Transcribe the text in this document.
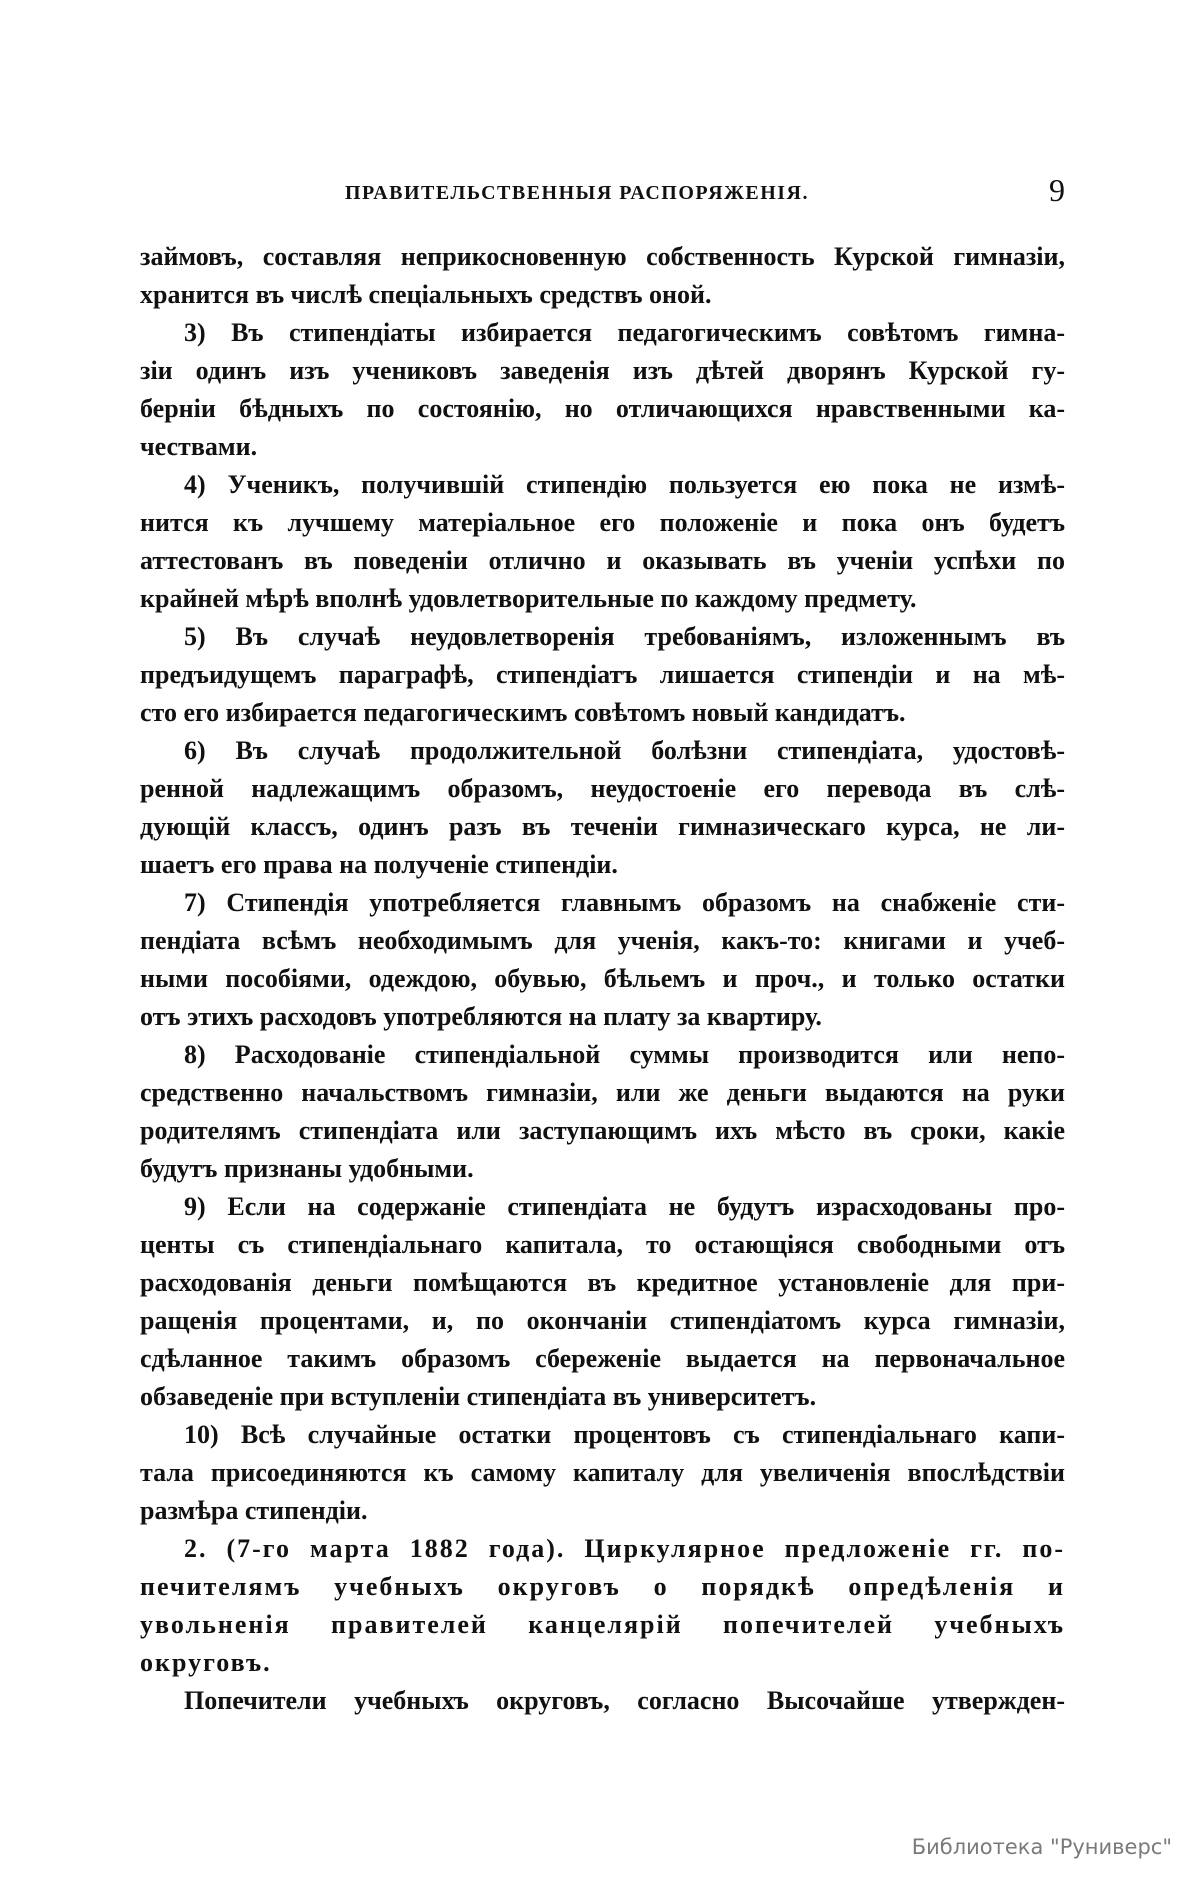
ПРАВИТЕЛЬСТВЕННЫЯ РАСПОРЯЖЕНІЯ.	9
займовъ, составляя неприкосновенную собственность Курской гимназіи,
хранится въ числѣ спеціальныхъ средствъ оной.
3) Въ стипендіаты избирается педагогическимъ совѣтомъ гимна-
зіи одинъ изъ учениковъ заведенія изъ дѣтей дворянъ Курской гу-
берніи бѣдныхъ по состоянію, но отличающихся нравственными ка-
чествами.
4) Ученикъ, получившій стипендію пользуется ею пока не измѣ-
нится къ лучшему матеріальное его положеніе и пока онъ будетъ
аттестованъ въ поведеніи отлично и оказывать въ ученіи успѣхи по
крайней мѣрѣ вполнѣ удовлетворительные по каждому предмету.
5) Въ случаѣ неудовлетворенія требованіямъ, изложеннымъ въ
предъидущемъ параграфѣ, стипендіатъ лишается стипендіи и на мѣ-
сто его избирается педагогическимъ совѣтомъ новый кандидатъ.
6) Въ случаѣ продолжительной болѣзни стипендіата, удостовѣ-
ренной надлежащимъ образомъ, неудостоеніе его перевода въ слѣ-
дующій классъ, одинъ разъ въ теченіи гимназическаго курса, не ли-
шаетъ его права на полученіе стипендіи.
7) Стипендія употребляется главнымъ образомъ на снабженіе сти-
пендіата всѣмъ необходимымъ для ученія, какъ-то: книгами и учеб-
ными пособіями, одеждою, обувью, бѣльемъ и проч., и только остатки
отъ этихъ расходовъ употребляются на плату за квартиру.
8) Расходованіе стипендіальной суммы производится или непо-
средственно начальствомъ гимназіи, или же деньги выдаются на руки
родителямъ стипендіата или заступающимъ ихъ мѣсто въ сроки, какіе
будутъ признаны удобными.
9) Если на содержаніе стипендіата не будутъ израсходованы про-
центы съ стипендіальнаго капитала, то остающіяся свободными отъ
расходованія деньги помѣщаются въ кредитное установленіе для при-
ращенія процентами, и, по окончаніи стипендіатомъ курса гимназіи,
сдѣланное такимъ образомъ сбереженіе выдается на первоначальное
обзаведеніе при вступленіи стипендіата въ университетъ.
10) Всѣ случайные остатки процентовъ съ стипендіальнаго капи-
тала присоединяются къ самому капиталу для увеличенія впослѣдствіи
размѣра стипендіи.
2. (7-го марта 1882 года). Циркулярное предложеніе гг. по-
печителямъ учебныхъ округовъ о порядкѣ опредѣленія и
увольненія правителей канцелярій попечителей учебныхъ
округовъ.
Попечители учебныхъ округовъ, согласно Высочайше утвержден-
Библиотека "Руниверс"
